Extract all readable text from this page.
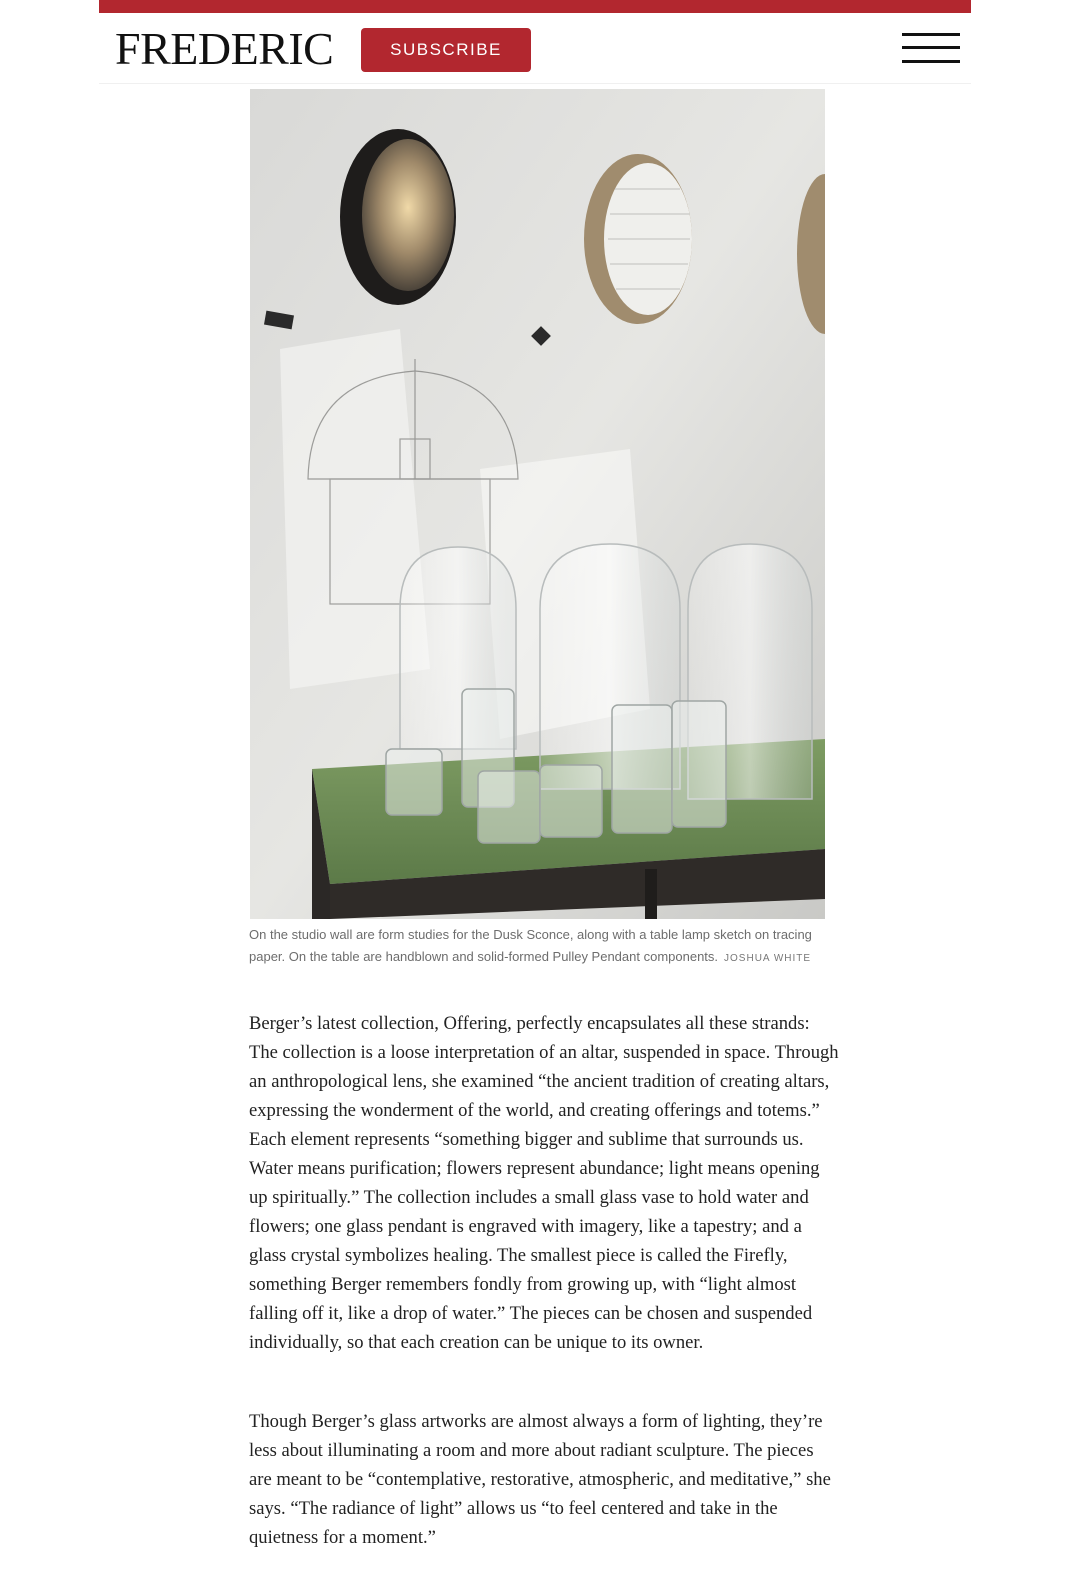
FREDERIC	SUBSCRIBE
On the studio wall are form studies for the Dusk Sconce, along with a table lamp sketch on tracing paper. On the table are handblown and solid-formed Pulley Pendant components. JOSHUA WHITE

Berger’s latest collection, Offering, perfectly encapsulates all these strands: The collection is a loose interpretation of an altar, suspended in space. Through an anthropological lens, she examined “the ancient tradition of creating altars, expressing the wonderment of the world, and creating offerings and totems.” Each element represents “something bigger and sublime that surrounds us. Water means purification; flowers represent abundance; light means opening up spiritually.” The collection includes a small glass vase to hold water and flowers; one glass pendant is engraved with imagery, like a tapestry; and a glass crystal symbolizes healing. The smallest piece is called the Firefly, something Berger remembers fondly from growing up, with “light almost falling off it, like a drop of water.” The pieces can be chosen and suspended individually, so that each creation can be unique to its owner.

Though Berger’s glass artworks are almost always a form of lighting, they’re less about illuminating a room and more about radiant sculpture. The pieces are meant to be “contemplative, restorative, atmospheric, and meditative,” she says. “The radiance of light” allows us “to feel centered and take in the quietness for a moment.”
